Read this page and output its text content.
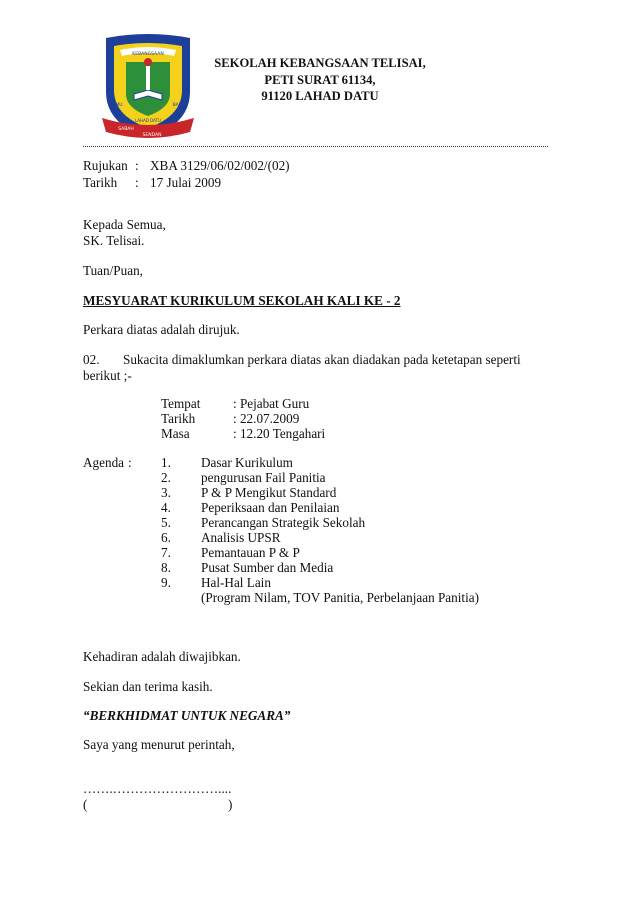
KEBANGSAAN
ILMU	BAKTI
LAHAD DATU
SABAH
SENDAN
SEKOLAH KEBANGSAAN TELISAI,
PETI SURAT 61134,
91120 LAHAD DATU
Rujukan : XBA 3129/06/02/002/(02)
Tarikh : 17 Julai 2009
Kepada Semua,
SK. Telisai.
Tuan/Puan,
MESYUARAT KURIKULUM SEKOLAH KALI KE - 2
Perkara diatas adalah dirujuk.
02. Sukacita dimaklumkan perkara diatas akan diadakan pada ketetapan seperti
berikut ;-
Tempat : Pejabat Guru
Tarikh	: 22.07.2009
Masa	: 12.20 Tengahari
Agenda : 1. Dasar Kurikulum
2. pengurusan Fail Panitia
3. P & P Mengikut Standard
4. Peperiksaan dan Penilaian
5. Perancangan Strategik Sekolah
6. Analisis UPSR
7. Pemantauan P & P
8. Pusat Sumber dan Media
9. Hal-Hal Lain
(Program Nilam, TOV Panitia, Perbelanjaan Panitia)
Kehadiran adalah diwajibkan.
Sekian dan terima kasih.
“BERKHIDMAT UNTUK NEGARA”
Saya yang menurut perintah,
…….……………………....
(	)
